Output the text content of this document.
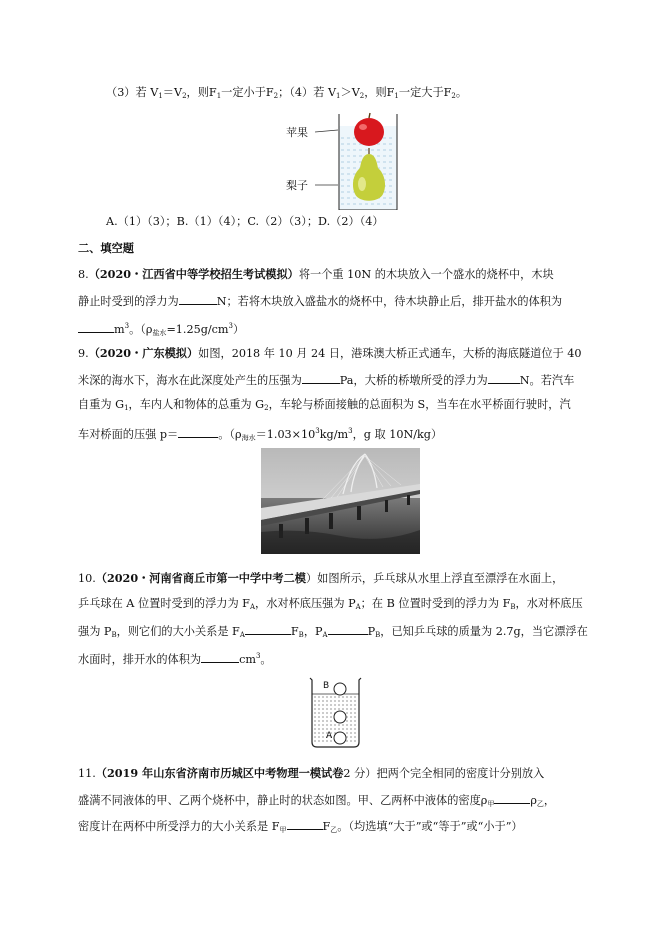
（3）若 $V_1=V_2$，则$F_1$一定小于$F_2$；（4）若 $V_1>V_2$，则$F_1$一定大于$F_2$。
苹果
梨子
A.（1）（3）；B.（1）（4）；C.（2）（3）；D.（2）（4）
二、填空题
8.（2020・江西省中等学校招生考试模拟）将一个重 10N 的木块放入一个盛水的烧杯中，木块
静止时受到的浮力为	N；若将木块放入盛盐水的烧杯中，待木块静止后，排开盐水的体积为
$m^3$。$(\rho_{盐水}=1.25g/cm^3)$
9.（2020・广东模拟）如图，2018 年 10 月 24 日，港珠澳大桥正式通车，大桥的海底隧道位于 40
米深的海水下，海水在此深度处产生的压强为	Pa，大桥的桥墩所受的浮力为	N。若汽车
自重为 $G_1$，车内人和物体的总重为 $G_2$，车轮与桥面接触的总面积为 S，当车在水平桥面行驶时，汽
车对桥面的压强 p＝	。（$\rho_{海水}=1.03\times 10^3kg/m^3$，g 取 10N/kg）
10.（2020・河南省商丘市第一中学中考二模）如图所示，乒乓球从水里上浮直至漂浮在水面上，
乒乓球在 A 位置时受到的浮力为 $F_A$，水对杯底压强为 $P_A$；在 B 位置时受到的浮力为 $F_B$，水对杯底压
强为 $P_B$，则它们的大小关系是 $F_A$	$F_B$，$P_A$	$P_B$，已知乒乓球的质量为 2.7g，当它漂浮在
水面时，排开水的体积为	$cm^3$。
B
A
11.（2019 年山东省济南市历城区中考物理一模试卷2 分）把两个完全相同的密度计分别放入
盛满不同液体的甲、乙两个烧杯中，静止时的状态如图。甲、乙两杯中液体的密度$\rho_甲$	$\rho_乙$，
密度计在两杯中所受浮力的大小关系是 $F_甲$	$F_乙$。（均选填“大于”或“等于”或“小于”）
